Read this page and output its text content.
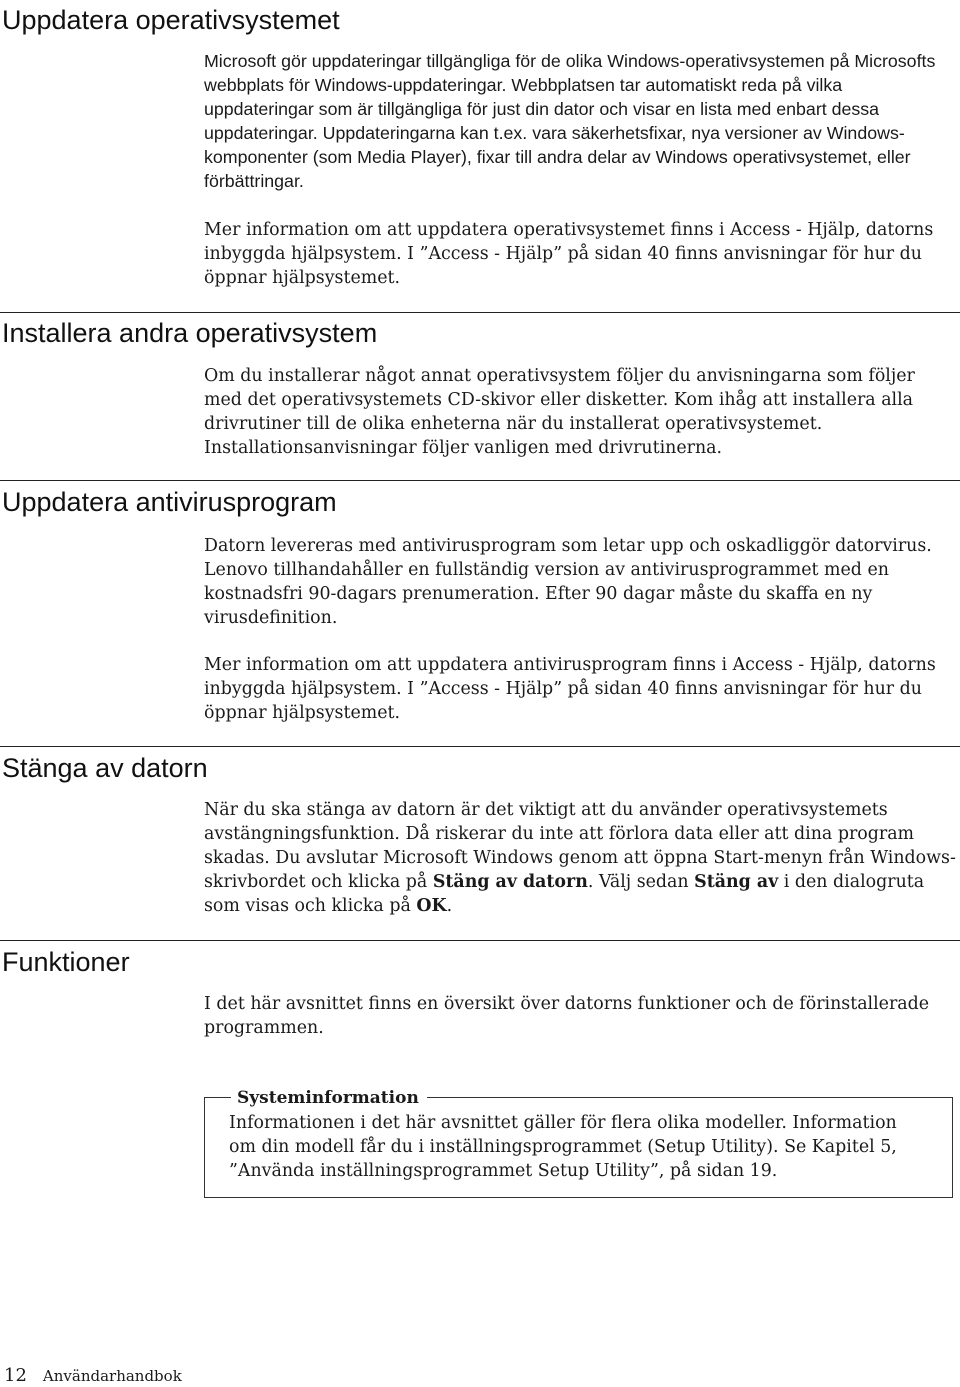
Uppdatera operativsystemet

Microsoft gör uppdateringar tillgängliga för de olika Windows-operativsystemen på Microsofts webbplats för Windows-uppdateringar. Webbplatsen tar automatiskt reda på vilka uppdateringar som är tillgängliga för just din dator och visar en lista med enbart dessa uppdateringar. Uppdateringarna kan t.ex. vara säkerhetsfixar, nya versioner av Windows-komponenter (som Media Player), fixar till andra delar av Windows operativsystemet, eller förbättringar.

Mer information om att uppdatera operativsystemet finns i Access - Hjälp, datorns inbyggda hjälpsystem. I ”Access - Hjälp” på sidan 40 finns anvisningar för hur du öppnar hjälpsystemet.

Installera andra operativsystem

Om du installerar något annat operativsystem följer du anvisningarna som följer med det operativsystemets CD-skivor eller disketter. Kom ihåg att installera alla drivrutiner till de olika enheterna när du installerat operativsystemet. Installationsanvisningar följer vanligen med drivrutinerna.

Uppdatera antivirusprogram

Datorn levereras med antivirusprogram som letar upp och oskadliggör datorvirus. Lenovo tillhandahåller en fullständig version av antivirusprogrammet med en kostnadsfri 90-dagars prenumeration. Efter 90 dagar måste du skaffa en ny virusdefinition.

Mer information om att uppdatera antivirusprogram finns i Access - Hjälp, datorns inbyggda hjälpsystem. I ”Access - Hjälp” på sidan 40 finns anvisningar för hur du öppnar hjälpsystemet.

Stänga av datorn

När du ska stänga av datorn är det viktigt att du använder operativsystemets avstängningsfunktion. Då riskerar du inte att förlora data eller att dina program skadas. Du avslutar Microsoft Windows genom att öppna Start-menyn från Windows-skrivbordet och klicka på Stäng av datorn. Välj sedan Stäng av i den dialogruta som visas och klicka på OK.

Funktioner

I det här avsnittet finns en översikt över datorns funktioner och de förinstallerade programmen.

Systeminformation

Informationen i det här avsnittet gäller för flera olika modeller. Information om din modell får du i inställningsprogrammet (Setup Utility). Se Kapitel 5, ”Använda inställningsprogrammet Setup Utility”, på sidan 19.

12 Användarhandbok
